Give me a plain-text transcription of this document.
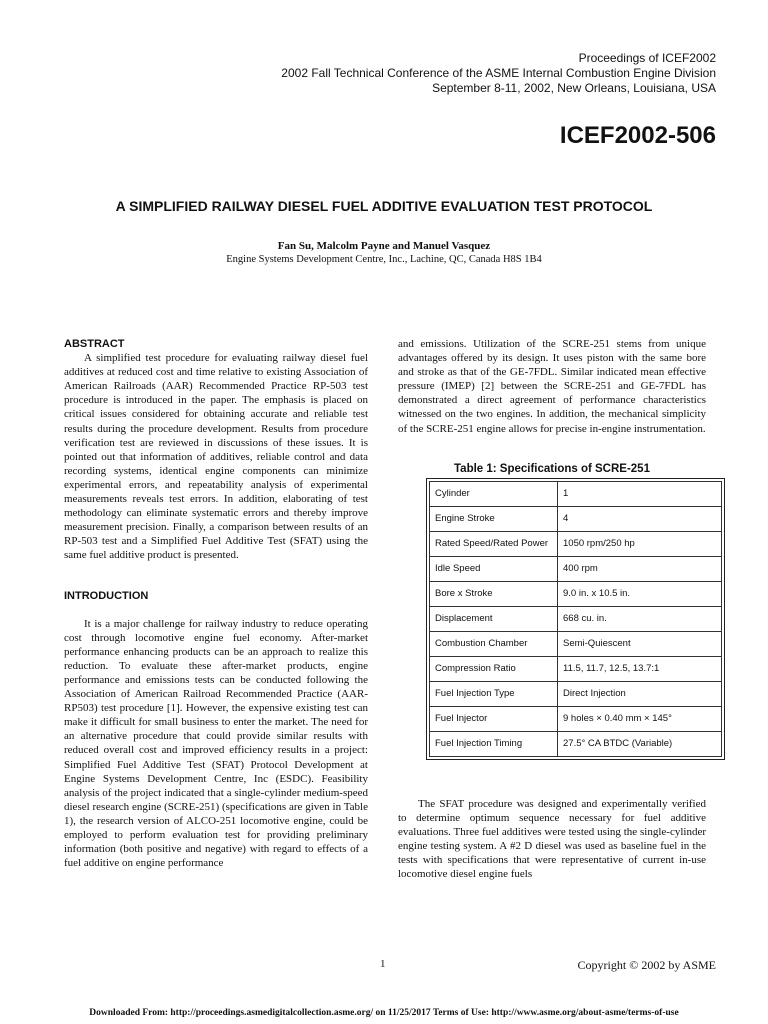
Proceedings of ICEF2002
2002 Fall Technical Conference of the ASME Internal Combustion Engine Division
September 8-11, 2002, New Orleans, Louisiana, USA
ICEF2002-506
A SIMPLIFIED RAILWAY DIESEL FUEL ADDITIVE EVALUATION TEST PROTOCOL
Fan Su, Malcolm Payne and Manuel Vasquez
Engine Systems Development Centre, Inc., Lachine, QC, Canada H8S 1B4

ABSTRACT

A simplified test procedure for evaluating railway diesel fuel additives at reduced cost and time relative to existing Association of American Railroads (AAR) Recommended Practice RP-503 test procedure is introduced in the paper. The emphasis is placed on critical issues considered for obtaining accurate and reliable test results during the procedure development. Results from procedure verification test are reviewed in discussions of these issues. It is pointed out that information of additives, reliable control and data recording systems, identical engine components can minimize experimental errors, and repeatability analysis of experimental measurements reveals test errors. In addition, elaborating of test methodology can eliminate systematic errors and thereby improve measurement precision. Finally, a comparison between results of an RP-503 test and a Simplified Fuel Additive Test (SFAT) using the same fuel additive product is presented.

INTRODUCTION

It is a major challenge for railway industry to reduce operating cost through locomotive engine fuel economy. After-market performance enhancing products can be an approach to realize this reduction. To evaluate these after-market products, engine performance and emissions tests can be conducted following the Association of American Railroad Recommended Practice (AAR-RP503) test procedure [1]. However, the expensive existing test can make it difficult for small business to enter the market. The need for an alternative procedure that could provide similar results with reduced overall cost and improved efficiency results in a project: Simplified Fuel Additive Test (SFAT) Protocol Development at Engine Systems Development Centre, Inc (ESDC). Feasibility analysis of the project indicated that a single-cylinder medium-speed diesel research engine (SCRE-251) (specifications are given in Table 1), the research version of ALCO-251 locomotive engine, could be employed to perform evaluation test for providing preliminary information (both positive and negative) with regard to effects of a fuel additive on engine performance

and emissions. Utilization of the SCRE-251 stems from unique advantages offered by its design. It uses piston with the same bore and stroke as that of the GE-7FDL. Similar indicated mean effective pressure (IMEP) [2] between the SCRE-251 and GE-7FDL has demonstrated a direct agreement of performance characteristics witnessed on the two engines. In addition, the mechanical simplicity of the SCRE-251 engine allows for precise in-engine instrumentation.

Table 1: Specifications of SCRE-251
Cylinder	1
Engine Stroke	4
Rated Speed/Rated Power	1050 rpm/250 hp
Idle Speed	400 rpm
Bore x Stroke	9.0 in. x 10.5 in.
Displacement	668 cu. in.
Combustion Chamber	Semi-Quiescent
Compression Ratio	11.5, 11.7, 12.5, 13.7:1
Fuel Injection Type	Direct Injection
Fuel Injector	9 holes × 0.40 mm × 145°
Fuel Injection Timing	27.5° CA BTDC (Variable)

The SFAT procedure was designed and experimentally verified to determine optimum sequence necessary for fuel additive evaluations. Three fuel additives were tested using the single-cylinder engine testing system. A #2 D diesel was used as baseline fuel in the tests with specifications that were representative of current in-use locomotive diesel engine fuels

1	Copyright © 2002 by ASME
Downloaded From: http://proceedings.asmedigitalcollection.asme.org/ on 11/25/2017 Terms of Use: http://www.asme.org/about-asme/terms-of-use
